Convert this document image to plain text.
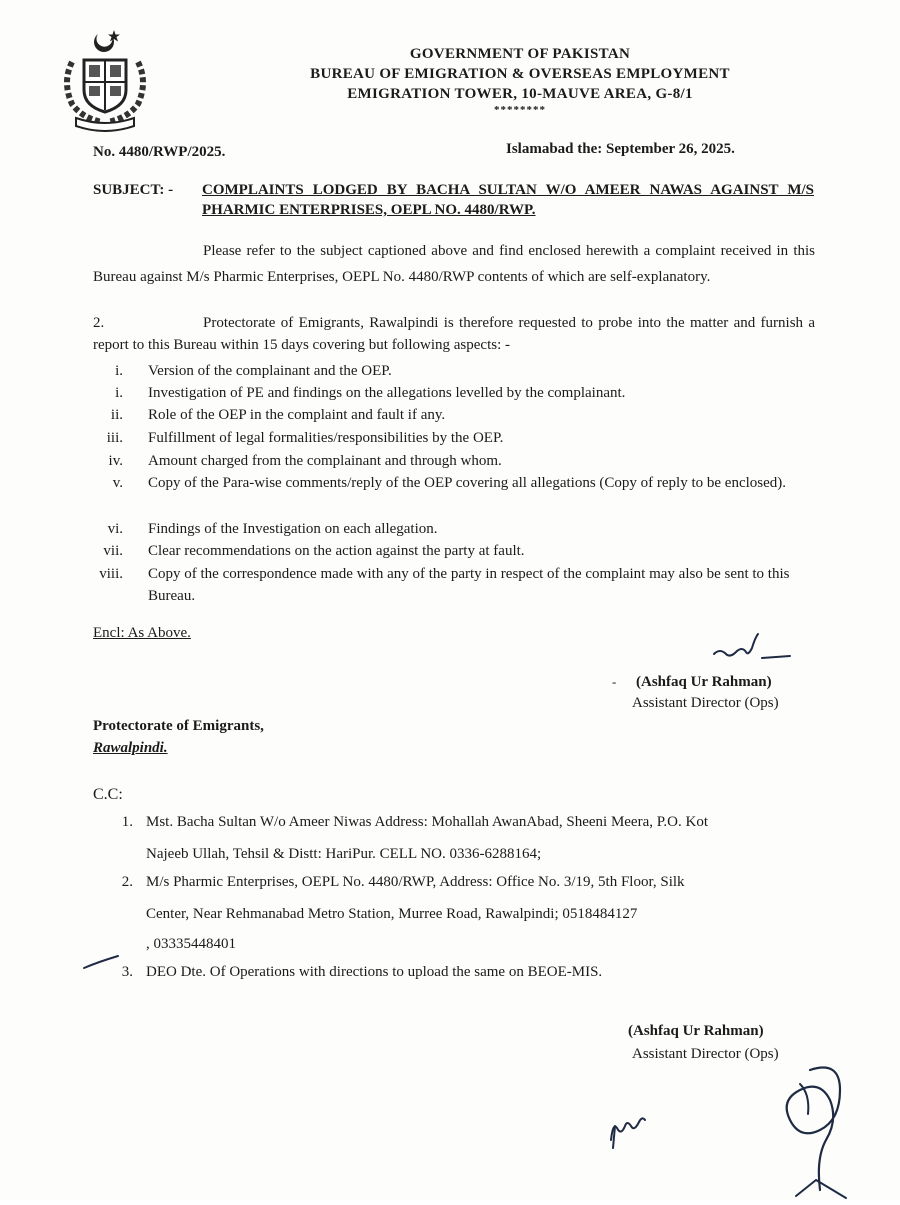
GOVERNMENT OF PAKISTAN
BUREAU OF EMIGRATION & OVERSEAS EMPLOYMENT
EMIGRATION TOWER, 10-MAUVE AREA, G-8/1
********
No. 4480/RWP/2025.	Islamabad the: September 26, 2025.
SUBJECT: - COMPLAINTS LODGED BY BACHA SULTAN W/O AMEER NAWAS AGAINST M/S PHARMIC ENTERPRISES, OEPL NO. 4480/RWP.
Please refer to the subject captioned above and find enclosed herewith a complaint received in this Bureau against M/s Pharmic Enterprises, OEPL No. 4480/RWP contents of which are self-explanatory.
2.	Protectorate of Emigrants, Rawalpindi is therefore requested to probe into the matter and furnish a report to this Bureau within 15 days covering but following aspects: -
i. Version of the complainant and the OEP.
i. Investigation of PE and findings on the allegations levelled by the complainant.
ii. Role of the OEP in the complaint and fault if any.
iii. Fulfillment of legal formalities/responsibilities by the OEP.
iv. Amount charged from the complainant and through whom.
v. Copy of the Para-wise comments/reply of the OEP covering all allegations (Copy of reply to be enclosed).
vi. Findings of the Investigation on each allegation.
vii. Clear recommendations on the action against the party at fault.
viii. Copy of the correspondence made with any of the party in respect of the complaint may also be sent to this Bureau.
Encl: As Above.
- (Ashfaq Ur Rahman)
Assistant Director (Ops)
Protectorate of Emigrants,
Rawalpindi.
C.C:
1. Mst. Bacha Sultan W/o Ameer Niwas Address: Mohallah AwanAbad, Sheeni Meera, P.O. Kot
Najeeb Ullah, Tehsil & Distt: HariPur. CELL NO. 0336-6288164;
2. M/s Pharmic Enterprises, OEPL No. 4480/RWP, Address: Office No. 3/19, 5th Floor, Silk
Center, Near Rehmanabad Metro Station, Murree Road, Rawalpindi; 0518484127
, 03335448401
3. DEO Dte. Of Operations with directions to upload the same on BEOE-MIS.
(Ashfaq Ur Rahman)
Assistant Director (Ops)
